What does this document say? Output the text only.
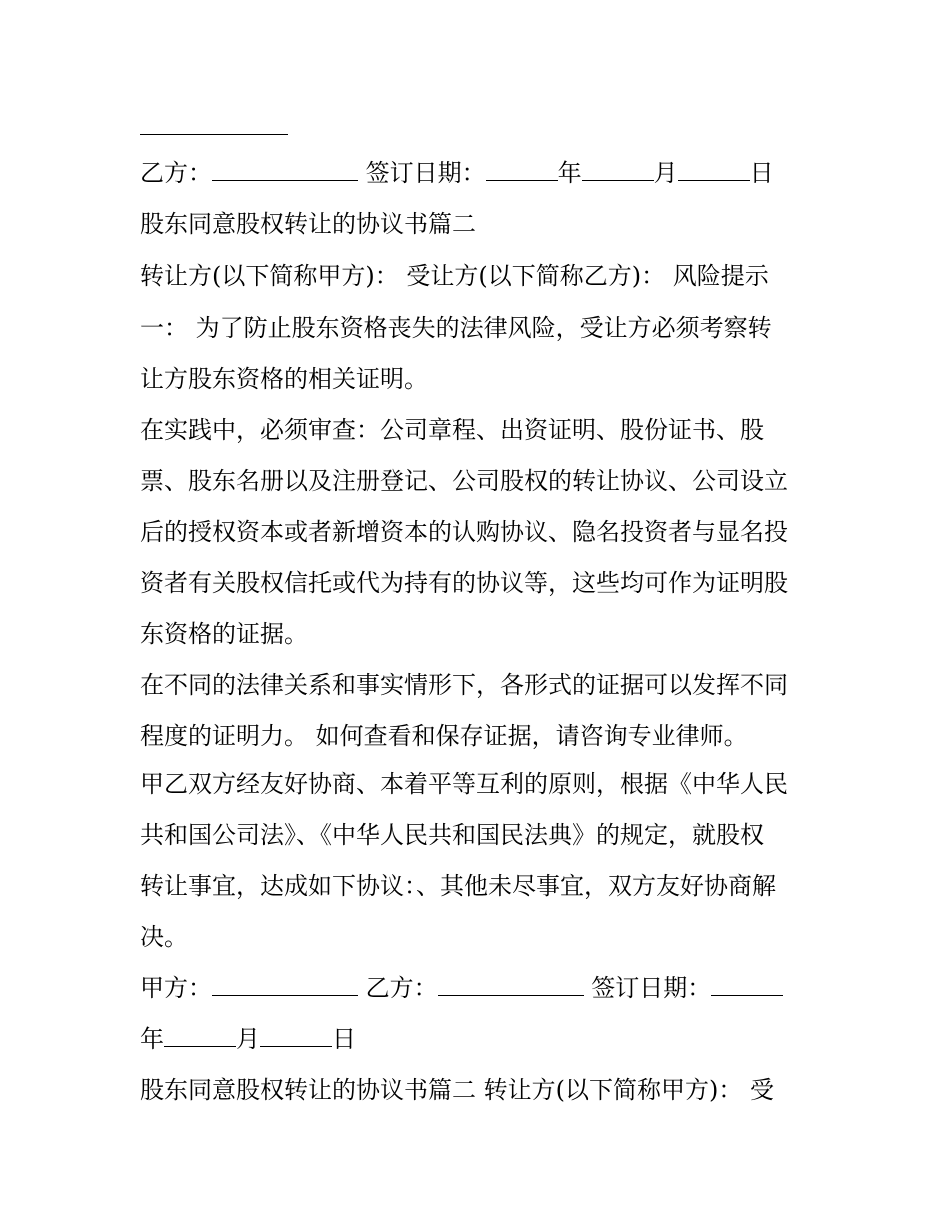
乙方：	签订日期：	年	月	日
股东同意股权转让的协议书篇二
转让方(以下简称甲方)： 受让方(以下简称乙方)： 风险提示
一： 为了防止股东资格丧失的法律风险，受让方必须考察转
让方股东资格的相关证明。
在实践中，必须审查：公司章程、出资证明、股份证书、股
票、股东名册以及注册登记、公司股权的转让协议、公司设立
后的授权资本或者新增资本的认购协议、隐名投资者与显名投
资者有关股权信托或代为持有的协议等，这些均可作为证明股
东资格的证据。
在不同的法律关系和事实情形下，各形式的证据可以发挥不同
程度的证明力。 如何查看和保存证据，请咨询专业律师。
甲乙双方经友好协商、本着平等互利的原则，根据《中华人民
共和国公司法》、《中华人民共和国民法典》的规定，就股权
转让事宜，达成如下协议：、其他未尽事宜，双方友好协商解
决。
甲方：	乙方：	签订日期：
年	月	日
股东同意股权转让的协议书篇二 转让方(以下简称甲方)： 受
